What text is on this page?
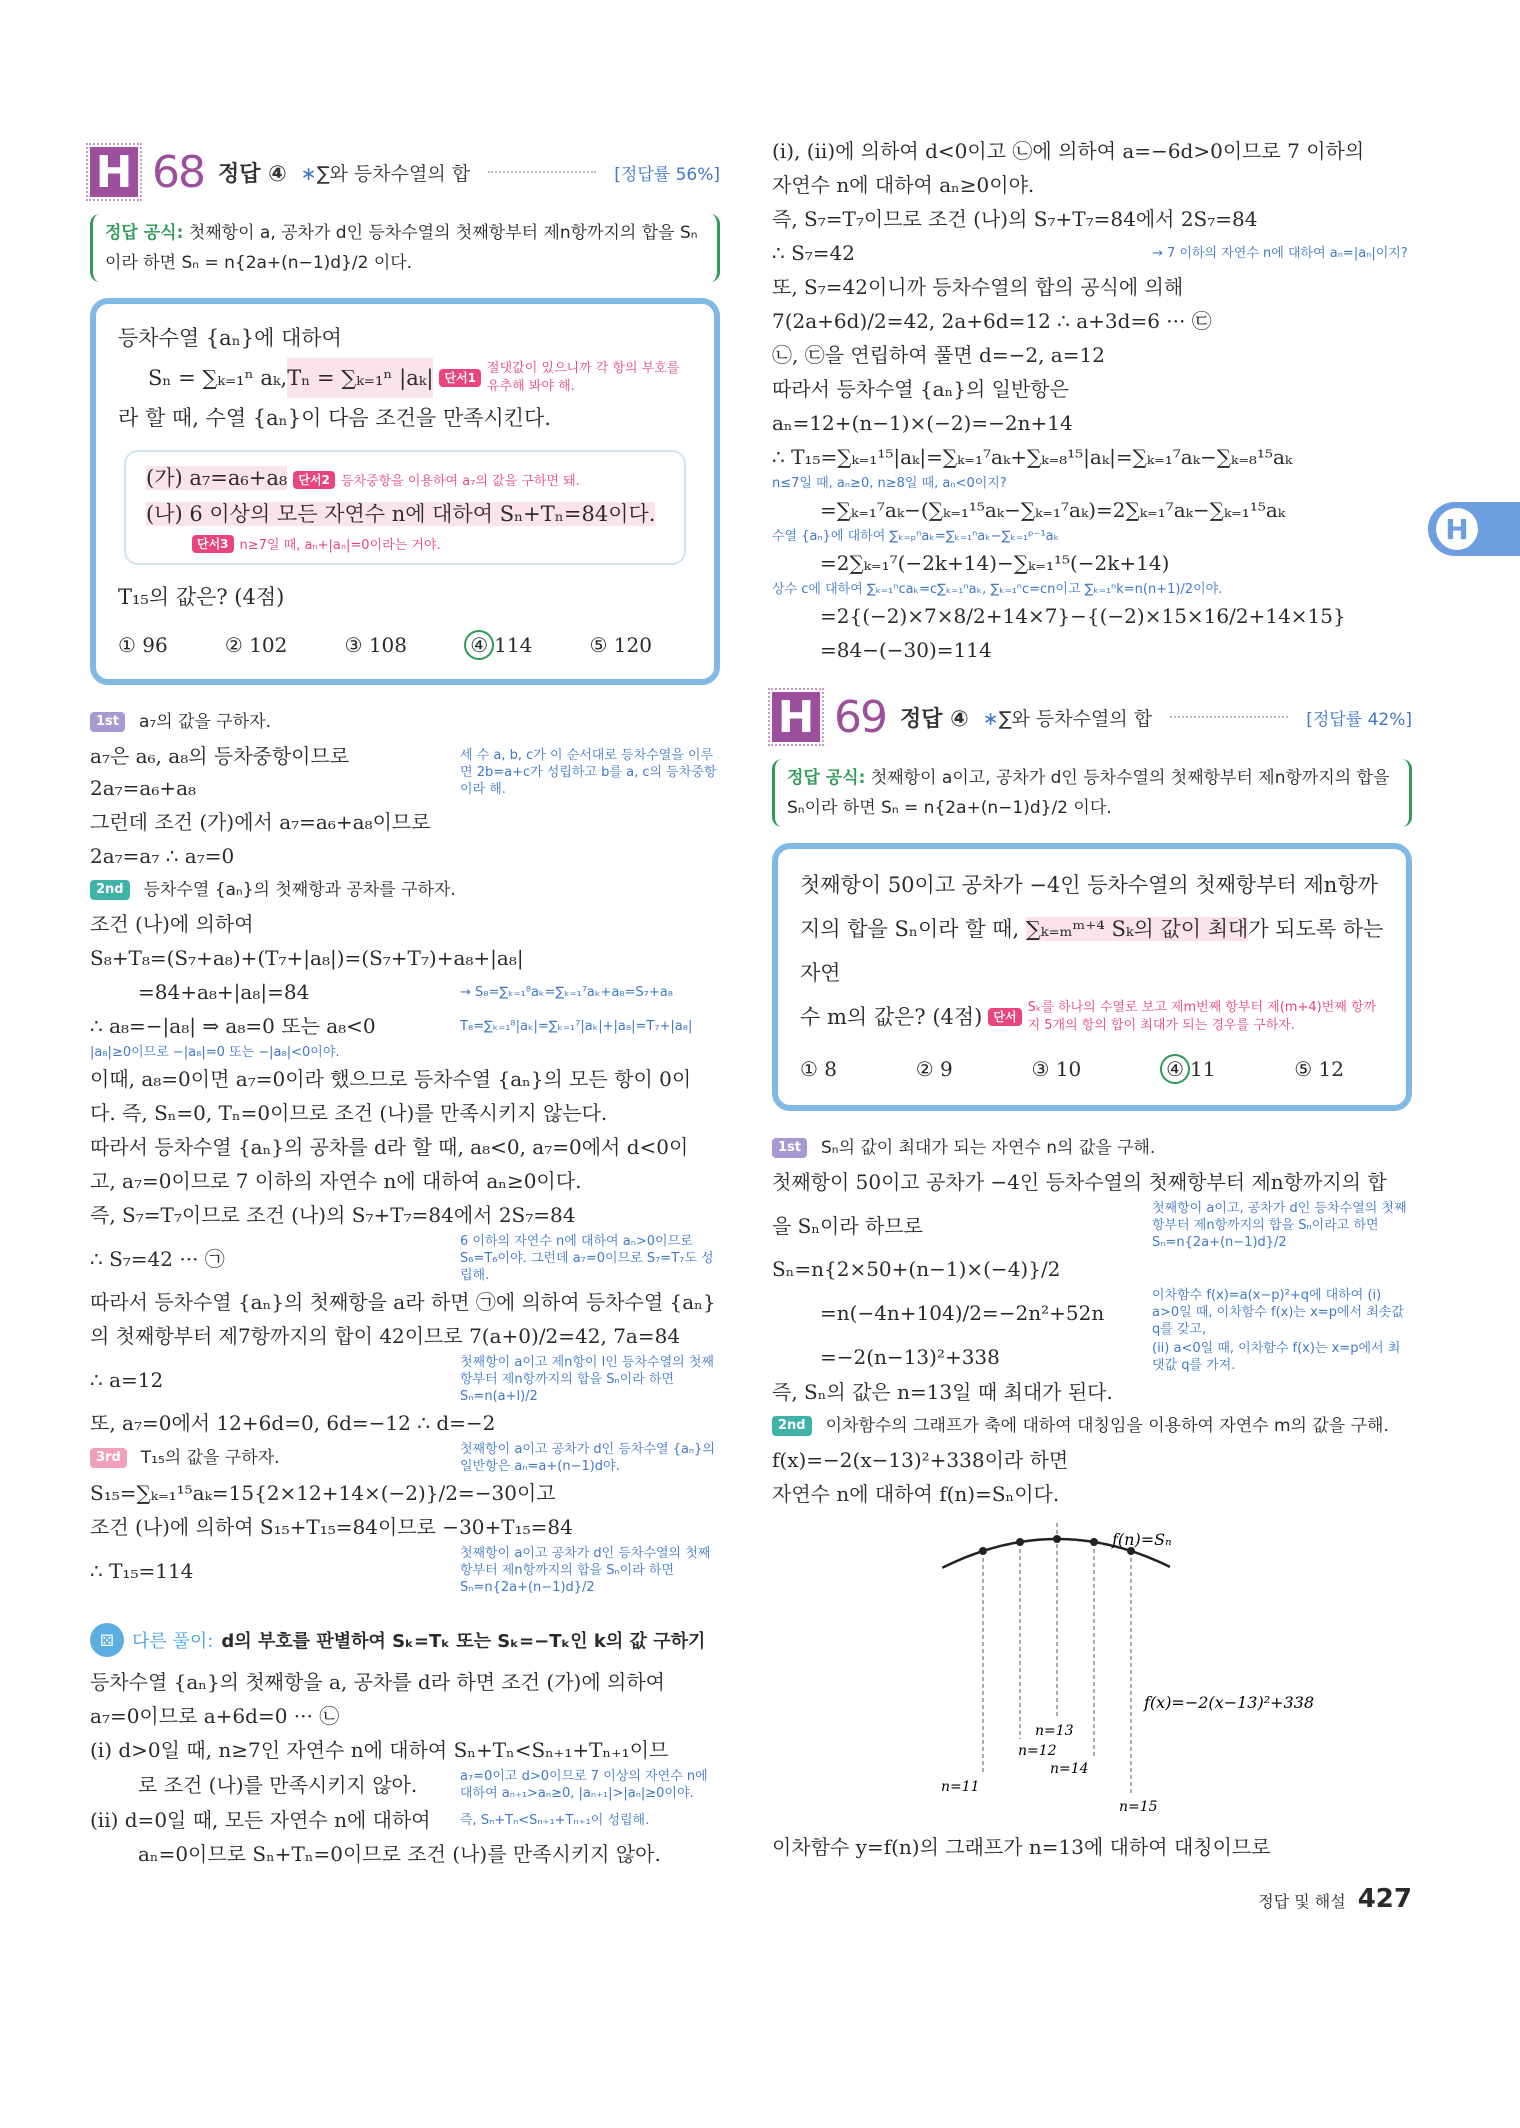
H 68 정답 ④ ∗∑와 등차수열의 합	[정답률 56%]
정답 공식: 첫째항이 a, 공차가 d인 등차수열의 첫째항부터 제n항까지의 합을 Sₙ이라 하면 Sₙ = n{2a+(n−1)d}/2 이다.
등차수열 {aₙ}에 대하여
Sₙ = ∑ₖ₌₁ⁿ aₖ, Tₙ = ∑ₖ₌₁ⁿ |aₖ| 단서1
절댓값이 있으니까 각 항의 부호를 유추해 봐야 해.
라 할 때, 수열 {aₙ}이 다음 조건을 만족시킨다.
(가) a₇=a₆+a₈ 단서2 등차중항을 이용하여 a₇의 값을 구하면 돼.
(나) 6 이상의 모든 자연수 n에 대하여 Sₙ+Tₙ=84이다.
단서3 n≥7일 때, aₙ+|aₙ|=0이라는 거야.
T₁₅의 값은? (4점)
① 96	② 102	③ 108	④ 114	⑤ 120
1st	a₇의 값을 구하자.
a₇은 a₆, a₈의 등차중항이므로 2a₇=a₆+a₈
세 수 a, b, c가 이 순서대로 등차수열을 이루면 2b=a+c가 성립하고 b를 a, c의 등차중항이라 해.
그런데 조건 (가)에서 a₇=a₆+a₈이므로
2a₇=a₇ ∴ a₇=0
2nd	등차수열 {aₙ}의 첫째항과 공차를 구하자.
조건 (나)에 의하여
S₈+T₈=(S₇+a₈)+(T₇+|a₈|)=(S₇+T₇)+a₈+|a₈|
=84+a₈+|a₈|=84	→ S₈=∑ₖ₌₁⁸aₖ=∑ₖ₌₁⁷aₖ+a₈=S₇+a₈
∴ a₈=−|a₈| ⇒ a₈=0 또는 a₈<0	T₈=∑ₖ₌₁⁸|aₖ|=∑ₖ₌₁⁷|aₖ|+|a₈|=T₇+|a₈|
|a₈|≥0이므로 −|a₈|=0 또는 −|a₈|<0이야.
이때, a₈=0이면 a₇=0이라 했으므로 등차수열 {aₙ}의 모든 항이 0이
다. 즉, Sₙ=0, Tₙ=0이므로 조건 (나)를 만족시키지 않는다.
따라서 등차수열 {aₙ}의 공차를 d라 할 때, a₈<0, a₇=0에서 d<0이
고, a₇=0이므로 7 이하의 자연수 n에 대하여 aₙ≥0이다.
즉, S₇=T₇이므로 조건 (나)의 S₇+T₇=84에서 2S₇=84
∴ S₇=42 ··· ㉠
6 이하의 자연수 n에 대하여 aₙ>0이므로 S₆=T₆이야. 그런데 a₇=0이므로 S₇=T₇도 성립해.
따라서 등차수열 {aₙ}의 첫째항을 a라 하면 ㉠에 의하여 등차수열 {aₙ}
의 첫째항부터 제7항까지의 합이 42이므로 7(a+0)/2=42, 7a=84
∴ a=12
첫째항이 a이고 제n항이 l인 등차수열의 첫째항부터 제n항까지의 합을 Sₙ이라 하면 Sₙ=n(a+l)/2
또, a₇=0에서 12+6d=0, 6d=−12 ∴ d=−2
3rd	T₁₅의 값을 구하자.	첫째항이 a이고 공차가 d인 등차수열 {aₙ}의 일반항은 aₙ=a+(n−1)d야.
S₁₅=∑ₖ₌₁¹⁵aₖ=15{2×12+14×(−2)}/2=−30이고
조건 (나)에 의하여 S₁₅+T₁₅=84이므로 −30+T₁₅=84
∴ T₁₅=114
첫째항이 a이고 공차가 d인 등차수열의 첫째항부터 제n항까지의 합을 Sₙ이라 하면 Sₙ=n{2a+(n−1)d}/2
⚄	다른 풀이: d의 부호를 판별하여 Sₖ=Tₖ 또는 Sₖ=−Tₖ인 k의 값 구하기
등차수열 {aₙ}의 첫째항을 a, 공차를 d라 하면 조건 (가)에 의하여
a₇=0이므로 a+6d=0 ··· ㉡
(i) d>0일 때, n≥7인 자연수 n에 대하여 Sₙ+Tₙ<Sₙ₊₁+Tₙ₊₁이므
로 조건 (나)를 만족시키지 않아.	a₇=0이고 d>0이므로 7 이상의 자연수 n에 대하여 aₙ₊₁>aₙ≥0, |aₙ₊₁|>|aₙ|≥0이야.
(ii) d=0일 때, 모든 자연수 n에 대하여	즉, Sₙ+Tₙ<Sₙ₊₁+Tₙ₊₁이 성립해.
aₙ=0이므로 Sₙ+Tₙ=0이므로 조건 (나)를 만족시키지 않아.
(i), (ii)에 의하여 d<0이고 ㉡에 의하여 a=−6d>0이므로 7 이하의
자연수 n에 대하여 aₙ≥0이야.
즉, S₇=T₇이므로 조건 (나)의 S₇+T₇=84에서 2S₇=84
∴ S₇=42	→ 7 이하의 자연수 n에 대하여 aₙ=|aₙ|이지?
또, S₇=42이니까 등차수열의 합의 공식에 의해
7(2a+6d)/2=42, 2a+6d=12 ∴ a+3d=6 ··· ㉢
㉡, ㉢을 연립하여 풀면 d=−2, a=12
따라서 등차수열 {aₙ}의 일반항은
aₙ=12+(n−1)×(−2)=−2n+14
∴ T₁₅=∑ₖ₌₁¹⁵|aₖ|=∑ₖ₌₁⁷aₖ+∑ₖ₌₈¹⁵|aₖ|=∑ₖ₌₁⁷aₖ−∑ₖ₌₈¹⁵aₖ
n≤7일 때, aₙ≥0, n≥8일 때, aₙ<0이지?
=∑ₖ₌₁⁷aₖ−(∑ₖ₌₁¹⁵aₖ−∑ₖ₌₁⁷aₖ)=2∑ₖ₌₁⁷aₖ−∑ₖ₌₁¹⁵aₖ
수열 {aₙ}에 대하여 ∑ₖ₌ₚⁿaₖ=∑ₖ₌₁ⁿaₖ−∑ₖ₌₁ᵖ⁻¹aₖ
=2∑ₖ₌₁⁷(−2k+14)−∑ₖ₌₁¹⁵(−2k+14)
상수 c에 대하여 ∑ₖ₌₁ⁿcaₖ=c∑ₖ₌₁ⁿaₖ, ∑ₖ₌₁ⁿc=cn이고 ∑ₖ₌₁ⁿk=n(n+1)/2이야.
=2{(−2)×7×8/2+14×7}−{(−2)×15×16/2+14×15}
=84−(−30)=114
H 69 정답 ④ ∗∑와 등차수열의 합	[정답률 42%]
정답 공식: 첫째항이 a이고, 공차가 d인 등차수열의 첫째항부터 제n항까지의 합을 Sₙ이라 하면 Sₙ = n{2a+(n−1)d}/2 이다.
첫째항이 50이고 공차가 −4인 등차수열의 첫째항부터 제n항까
지의 합을 Sₙ이라 할 때, ∑ₖ₌ₘᵐ⁺⁴ Sₖ의 값이 최대가 되도록 하는 자연
수 m의 값은? (4점) 단서
Sₖ를 하나의 수열로 보고 제m번째 항부터 제(m+4)번째 항까지 5개의 항의 합이 최대가 되는 경우를 구하자.
① 8	② 9	③ 10	④ 11	⑤ 12
1st	Sₙ의 값이 최대가 되는 자연수 n의 값을 구해.
첫째항이 50이고 공차가 −4인 등차수열의 첫째항부터 제n항까지의 합
을 Sₙ이라 하므로
첫째항이 a이고, 공차가 d인 등차수열의 첫째항부터 제n항까지의 합을 Sₙ이라고 하면 Sₙ=n{2a+(n−1)d}/2
Sₙ=n{2×50+(n−1)×(−4)}/2
=n(−4n+104)/2=−2n²+52n
이차함수 f(x)=a(x−p)²+q에 대하여 (i) a>0일 때, 이차함수 f(x)는 x=p에서 최솟값 q를 갖고,
=−2(n−13)²+338	(ii) a<0일 때, 이차함수 f(x)는 x=p에서 최댓값 q를 가져.
즉, Sₙ의 값은 n=13일 때 최대가 된다.
2nd	이차함수의 그래프가 축에 대하여 대칭임을 이용하여 자연수 m의 값을 구해.
f(x)=−2(x−13)²+338이라 하면
자연수 n에 대하여 f(n)=Sₙ이다.
n=11
n=12
n=13
n=14
n=15
f(n)=Sₙ
f(x)=−2(x−13)²+338
이차함수 y=f(n)의 그래프가 n=13에 대하여 대칭이므로
정답 및 해설 427
H
